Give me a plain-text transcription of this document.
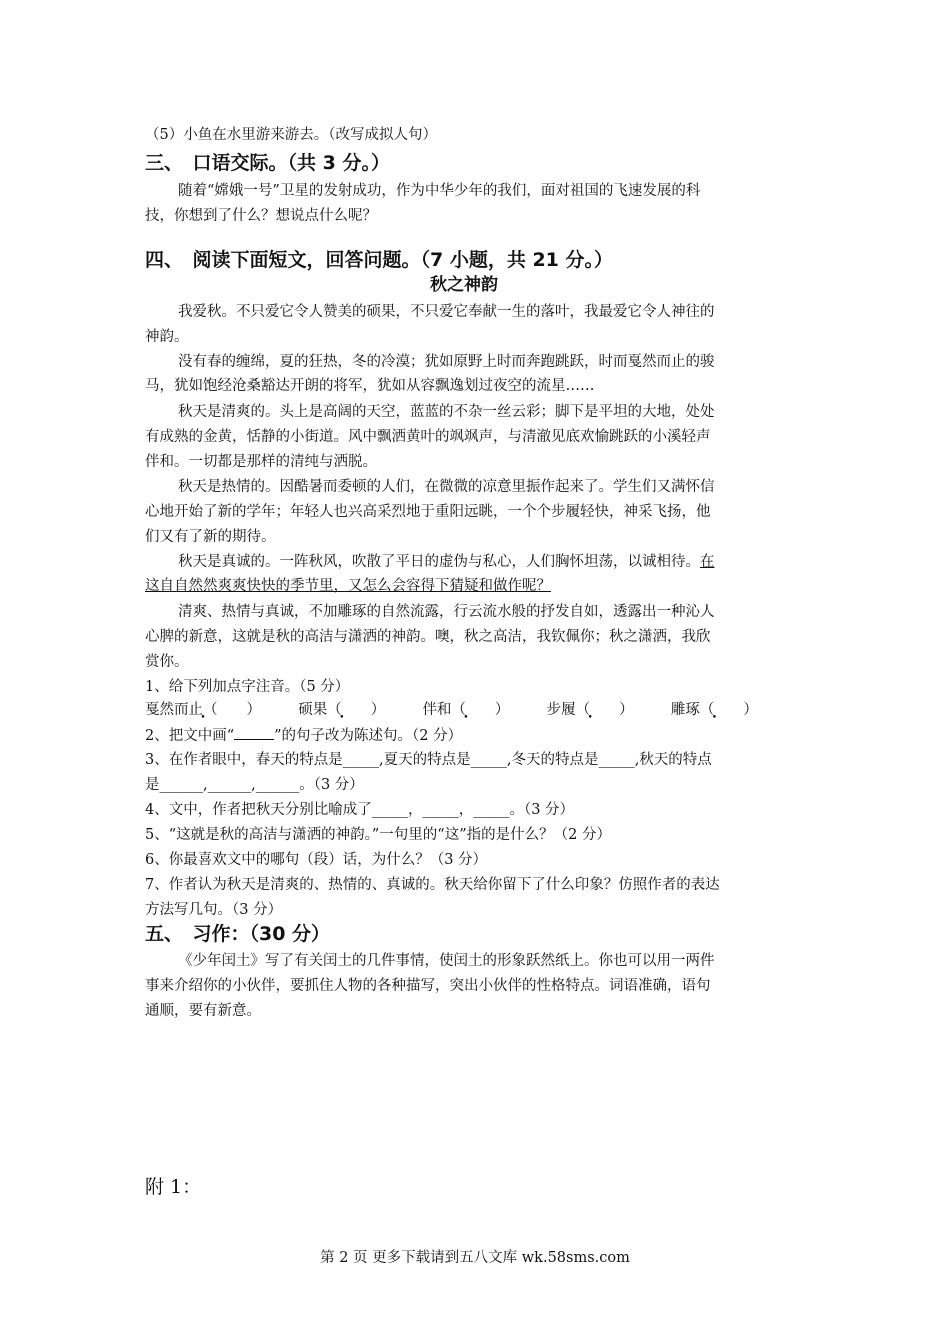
（5）小鱼在水里游来游去。（改写成拟人句）
三、　口语交际。（共 3 分。）
随着“嫦娥一号”卫星的发射成功，作为中华少年的我们，面对祖国的飞速发展的科
技，你想到了什么？想说点什么呢？
四、　阅读下面短文，回答问题。（7 小题，共 21 分。）
秋之神韵
我爱秋。不只爱它令人赞美的硕果，不只爱它奉献一生的落叶，我最爱它令人神往的
神韵。
没有春的缠绵，夏的狂热，冬的冷漠；犹如原野上时而奔跑跳跃，时而戛然而止的骏
马，犹如饱经沧桑豁达开朗的将军，犹如从容飘逸划过夜空的流星……
秋天是清爽的。头上是高阔的天空，蓝蓝的不杂一丝云彩；脚下是平坦的大地，处处
有成熟的金黄，恬静的小街道。风中飘洒黄叶的飒飒声，与清澈见底欢愉跳跃的小溪轻声
伴和。一切都是那样的清纯与洒脱。
秋天是热情的。因酷暑而委顿的人们，在微微的凉意里振作起来了。学生们又满怀信
心地开始了新的学年；年轻人也兴高采烈地于重阳远眺，一个个步履轻快，神采飞扬，他
们又有了新的期待。
秋天是真诚的。一阵秋风，吹散了平日的虚伪与私心，人们胸怀坦荡，以诚相待。在
这自自然然爽爽快快的季节里，又怎么会容得下猜疑和做作呢？
清爽、热情与真诚，不加雕琢的自然流露，行云流水般的抒发自如，透露出一种沁人
心脾的新意，这就是秋的高洁与潇洒的神韵。噢，秋之高洁，我钦佩你；秋之潇洒，我欣
赏你。
1、给下列加点字注音。（5 分）
戛然而止（　　） •	硕果（　　） •	伴和（　　） •	步履（　　） •	雕琢（　　） •
2、把文中画“	”的句子改为陈述句。（2 分）
3、在作者眼中，春天的特点是_____,夏天的特点是_____,冬天的特点是_____,秋天的特点
是______,______,______。（3 分）
4、文中，作者把秋天分别比喻成了_____，_____，_____。（3 分）
5、“这就是秋的高洁与潇洒的神韵。”一句里的“这”指的是什么？（2 分）
6、你最喜欢文中的哪句（段）话，为什么？（3 分）
7、作者认为秋天是清爽的、热情的、真诚的。秋天给你留下了什么印象？仿照作者的表达
方法写几句。（3 分）
五、　习作：（30 分）
《少年闰土》写了有关闰土的几件事情，使闰土的形象跃然纸上。你也可以用一两件
事来介绍你的小伙伴，要抓住人物的各种描写，突出小伙伴的性格特点。词语准确，语句
通顺，要有新意。
附 1：
第 2 页 更多下载请到五八文库 wk.58sms.com
